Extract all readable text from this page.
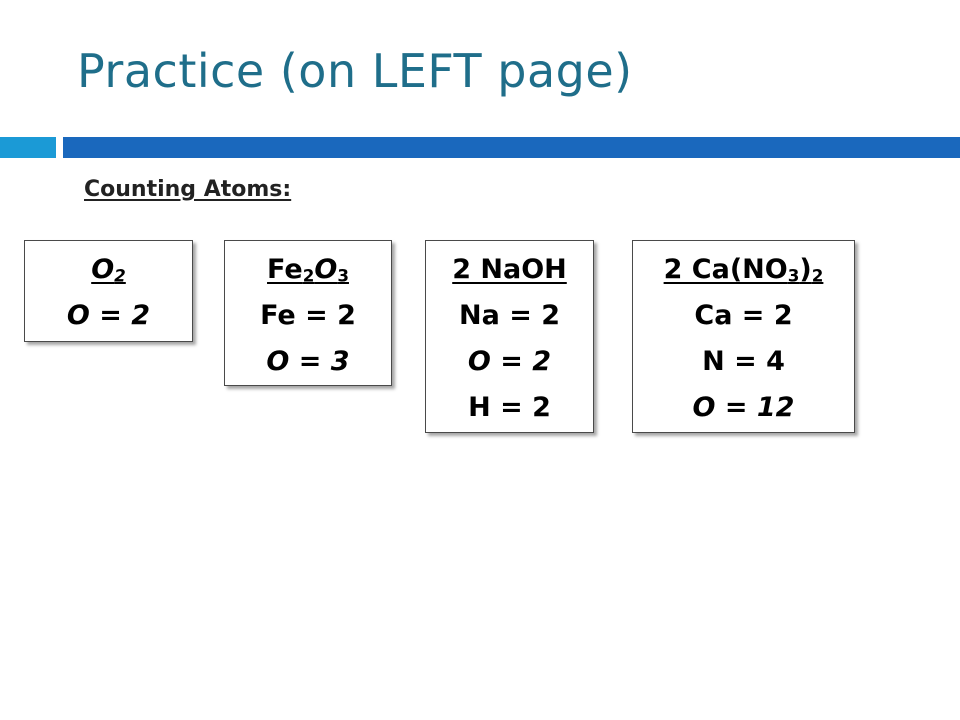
Practice (on LEFT page)
Counting Atoms:
$O_2$
O = 2
$Fe_2O_3$
Fe = 2
O = 3
2 NaOH
Na = 2
O = 2
H = 2
2 $Ca(NO_3)_2$
Ca = 2
N = 4
O = 12
